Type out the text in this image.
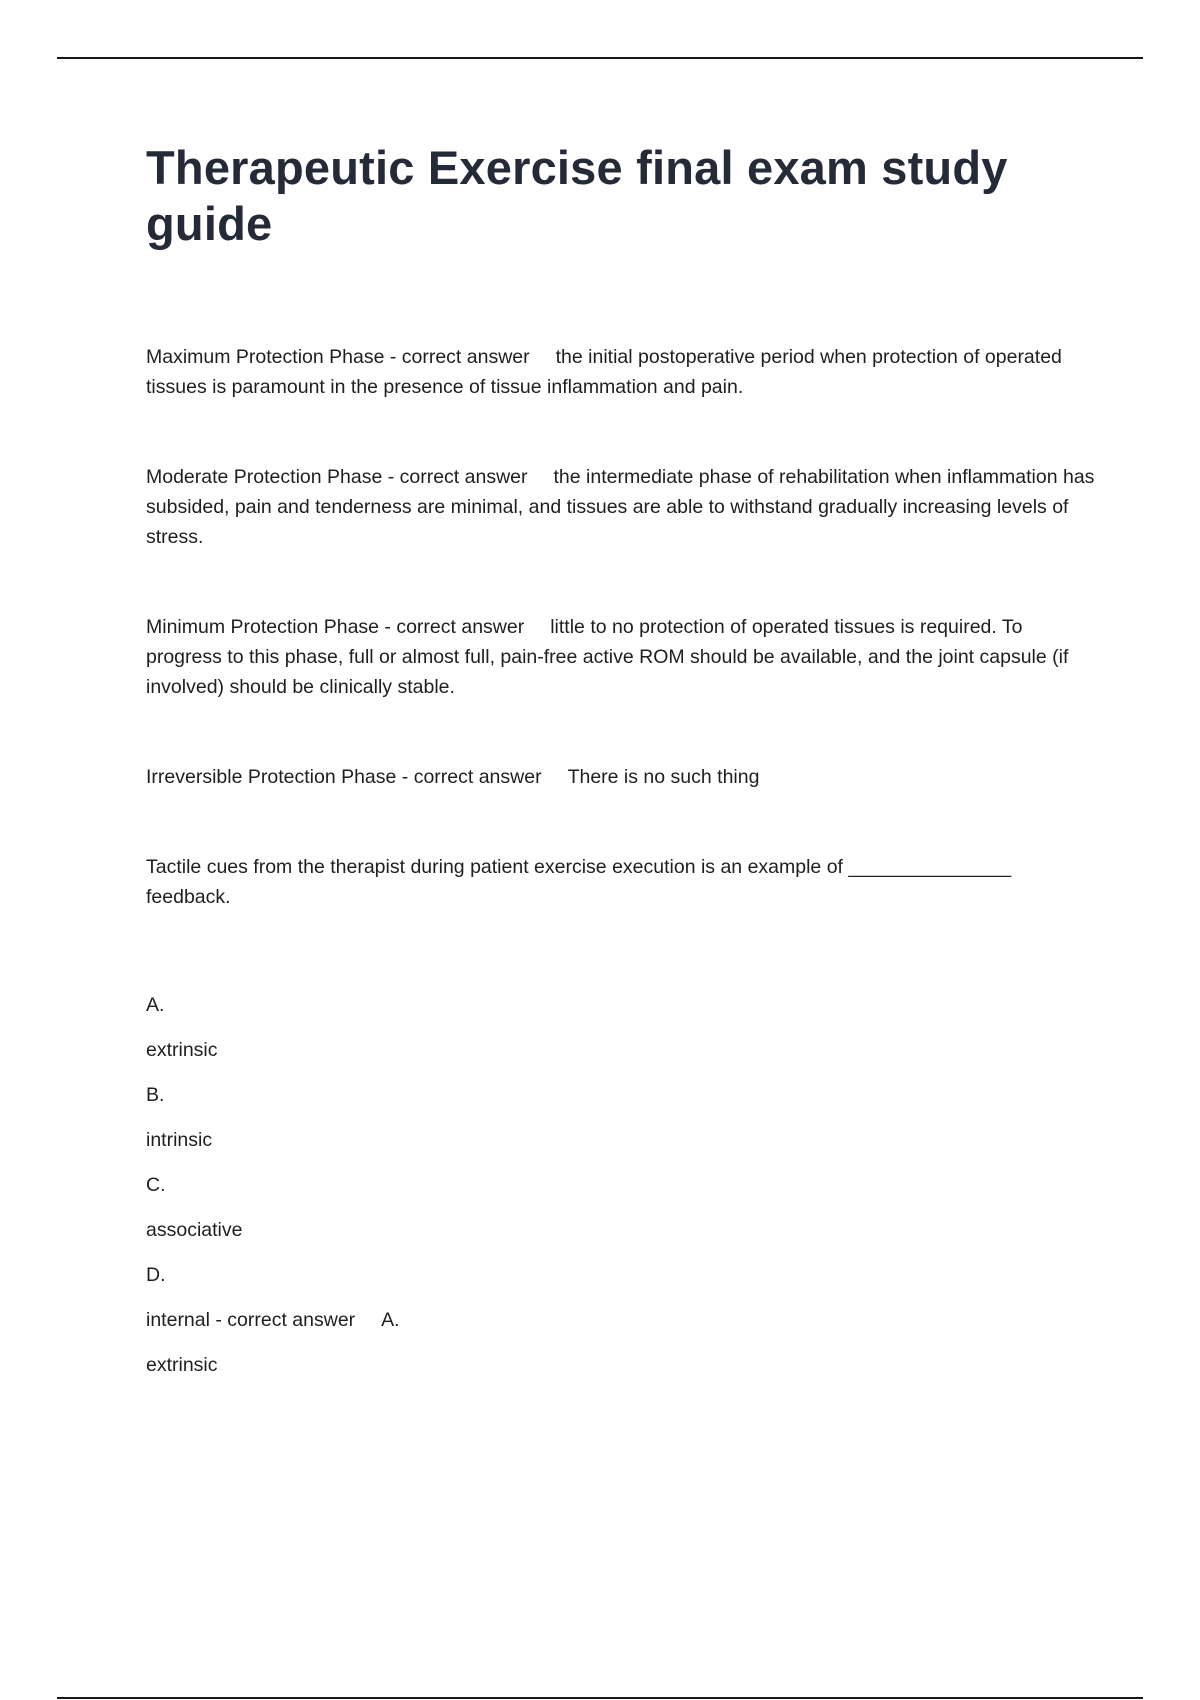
Therapeutic Exercise final exam study guide

Maximum Protection Phase - correct answer the initial postoperative period when protection of operated tissues is paramount in the presence of tissue inflammation and pain.

Moderate Protection Phase - correct answer the intermediate phase of rehabilitation when inflammation has subsided, pain and tenderness are minimal, and tissues are able to withstand gradually increasing levels of stress.

Minimum Protection Phase - correct answer little to no protection of operated tissues is required. To progress to this phase, full or almost full, pain-free active ROM should be available, and the joint capsule (if involved) should be clinically stable.

Irreversible Protection Phase - correct answer There is no such thing

Tactile cues from the therapist during patient exercise execution is an example of _______________ feedback.

A.

extrinsic

B.

intrinsic

C.

associative

D.

internal - correct answer A.

extrinsic
